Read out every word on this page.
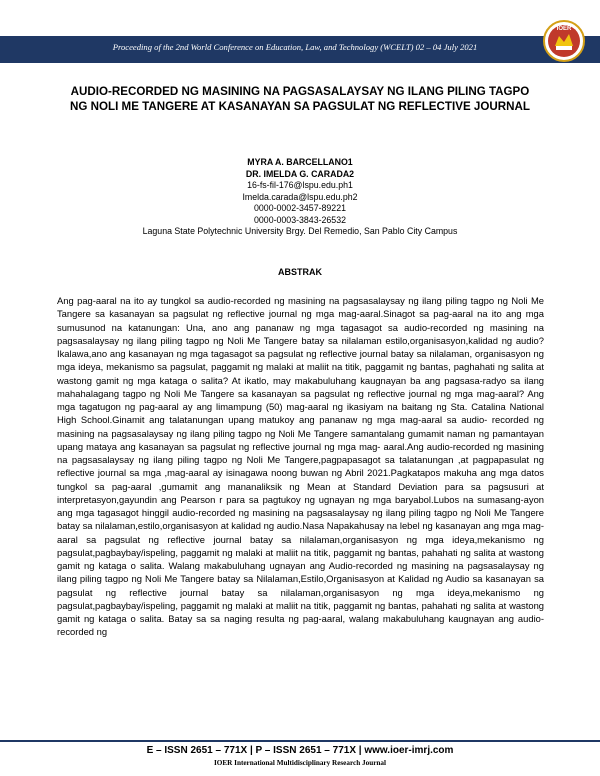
Proceeding of the 2nd World Conference on Education, Law, and Technology (WCELT) 02 – 04 July 2021
IOER
AUDIO-RECORDED NG MASINING NA PAGSASALAYSAY NG ILANG PILING TAGPO NG NOLI ME TANGERE AT KASANAYAN SA PAGSULAT NG REFLECTIVE JOURNAL
MYRA A. BARCELLANO1
DR. IMELDA G. CARADA2
16-fs-fil-176@lspu.edu.ph1
Imelda.carada@lspu.edu.ph2
0000-0002-3457-89221
0000-0003-3843-26532
Laguna State Polytechnic University Brgy. Del Remedio, San Pablo City Campus
ABSTRAK
Ang pag-aaral na ito ay tungkol sa audio-recorded ng masining na pagsasalaysay ng ilang piling tagpo ng Noli Me Tangere sa kasanayan sa pagsulat ng reflective journal ng mga mag-aaral.Sinagot sa pag-aaral na ito ang mga sumusunod na katanungan: Una, ano ang pananaw ng mga tagasagot sa audio-recorded ng masining na pagsasalaysay ng ilang piling tagpo ng Noli Me Tangere batay sa nilalaman estilo,organisasyon,kalidad ng audio?Ikalawa,ano ang kasanayan ng mga tagasagot sa pagsulat ng reflective journal batay sa nilalaman, organisasyon ng mga ideya, mekanismo sa pagsulat, paggamit ng malaki at maliit na titik, paggamit ng bantas, paghahati ng salita at wastong gamit ng mga kataga o salita? At ikatlo, may makabuluhang kaugnayan ba ang pagsasa-radyo sa ilang mahahalagang tagpo ng Noli Me Tangere sa kasanayan sa pagsulat ng reflective journal ng mga mag-aaral? Ang mga tagatugon ng pag-aaral ay ang limampung (50) mag-aaral ng ikasiyam na baitang ng Sta. Catalina National High School.Ginamit ang talatanungan upang matukoy ang pananaw ng mga mag-aaral sa audio- recorded ng masining na pagsasalaysay ng ilang piling tagpo ng Noli Me Tangere samantalang gumamit naman ng pamantayan upang mataya ang kasanayan sa pagsulat ng reflective journal ng mga mag- aaral.Ang audio-recorded ng masining na pagsasalaysay ng ilang piling tagpo ng Noli Me Tangere,pagpapasagot sa talatanungan ,at pagpapasulat ng reflective journal sa mga ,mag-aaral ay isinagawa noong buwan ng Abril 2021.Pagkatapos makuha ang mga datos tungkol sa pag-aaral ,gumamit ang mananaliksik ng Mean at Standard Deviation para sa pagsusuri at interpretasyon,gayundin ang Pearson r para sa pagtukoy ng ugnayan ng mga baryabol.Lubos na sumasang-ayon ang mga tagasagot hinggil audio-recorded ng masining na pagsasalaysay ng ilang piling tagpo ng Noli Me Tangere batay sa nilalaman,estilo,organisasyon at kalidad ng audio.Nasa Napakahusay na lebel ng kasanayan ang mga mag-aaral sa pagsulat ng reflective journal batay sa nilalaman,organisasyon ng mga ideya,mekanismo ng pagsulat,pagbaybay/ispeling, paggamit ng malaki at maliit na titik, paggamit ng bantas, pahahati ng salita at wastong gamit ng kataga o salita. Walang makabuluhang ugnayan ang Audio-recorded ng masining na pagsasalaysay ng ilang piling tagpo ng Noli Me Tangere batay sa Nilalaman,Estilo,Organisasyon at Kalidad ng Audio sa kasanayan sa pagsulat ng reflective journal batay sa nilalaman,organisasyon ng mga ideya,mekanismo ng pagsulat,pagbaybay/ispeling, paggamit ng malaki at maliit na titik, paggamit ng bantas, pahahati ng salita at wastong gamit ng kataga o salita. Batay sa sa naging resulta ng pag-aaral, walang makabuluhang kaugnayan ang audio-recorded ng
E – ISSN 2651 – 771X | P – ISSN 2651 – 771X | www.ioer-imrj.com
IOER International Multidisciplinary Research Journal
